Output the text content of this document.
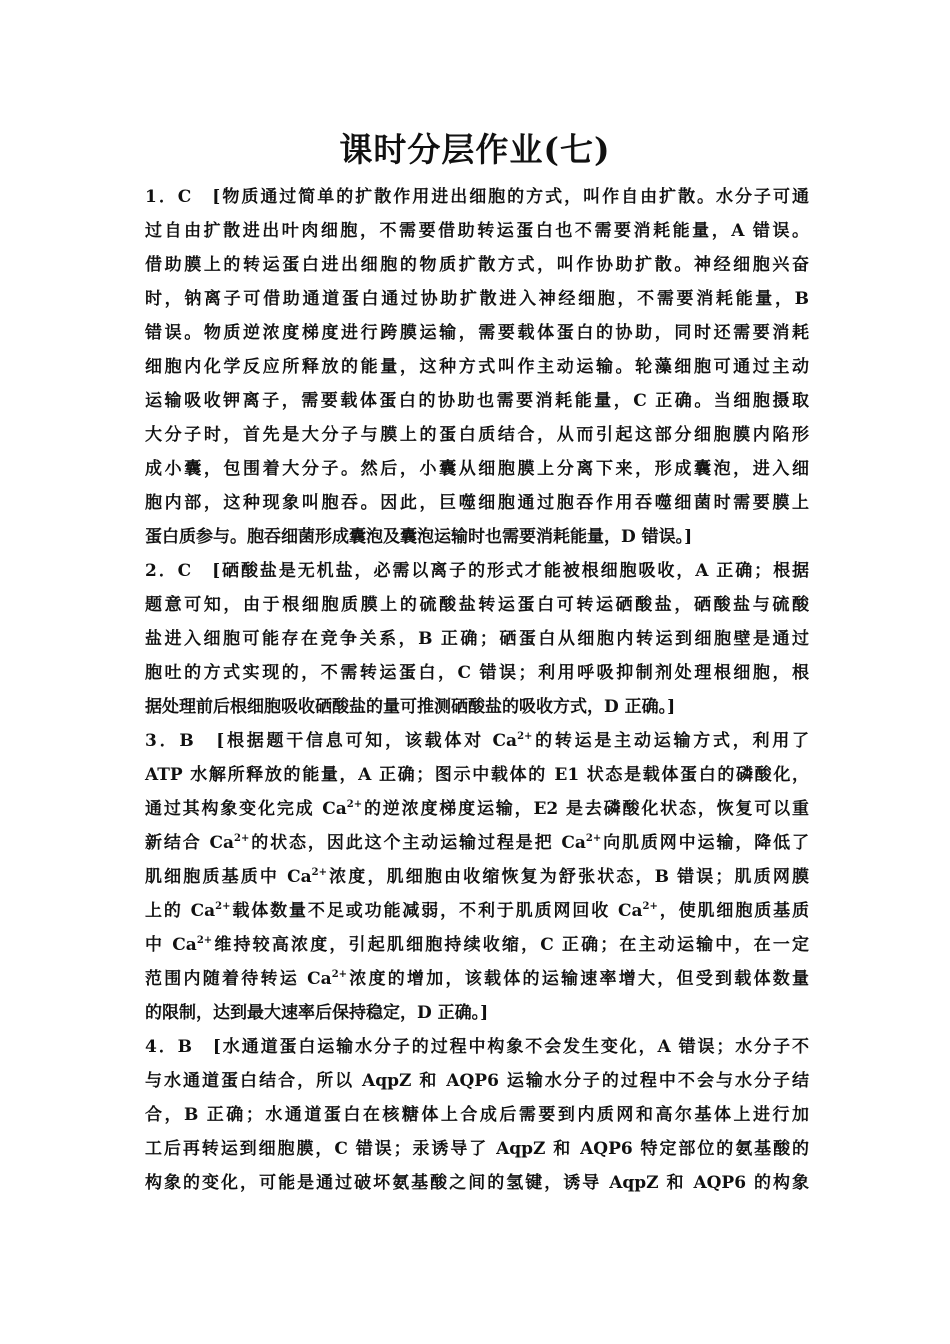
课时分层作业(七)
1．C　[物质通过简单的扩散作用进出细胞的方式，叫作自由扩散。水分子可通
过自由扩散进出叶肉细胞，不需要借助转运蛋白也不需要消耗能量，A 错误。
借助膜上的转运蛋白进出细胞的物质扩散方式，叫作协助扩散。神经细胞兴奋
时，钠离子可借助通道蛋白通过协助扩散进入神经细胞，不需要消耗能量，B
错误。物质逆浓度梯度进行跨膜运输，需要载体蛋白的协助，同时还需要消耗
细胞内化学反应所释放的能量，这种方式叫作主动运输。轮藻细胞可通过主动
运输吸收钾离子，需要载体蛋白的协助也需要消耗能量，C 正确。当细胞摄取
大分子时，首先是大分子与膜上的蛋白质结合，从而引起这部分细胞膜内陷形
成小囊，包围着大分子。然后，小囊从细胞膜上分离下来，形成囊泡，进入细
胞内部，这种现象叫胞吞。因此，巨噬细胞通过胞吞作用吞噬细菌时需要膜上
蛋白质参与。胞吞细菌形成囊泡及囊泡运输时也需要消耗能量，D 错误。]
2．C　[硒酸盐是无机盐，必需以离子的形式才能被根细胞吸收，A 正确；根据
题意可知，由于根细胞质膜上的硫酸盐转运蛋白可转运硒酸盐，硒酸盐与硫酸
盐进入细胞可能存在竞争关系，B 正确；硒蛋白从细胞内转运到细胞壁是通过
胞吐的方式实现的，不需转运蛋白，C 错误；利用呼吸抑制剂处理根细胞，根
据处理前后根细胞吸收硒酸盐的量可推测硒酸盐的吸收方式，D 正确。]
3．B　[根据题干信息可知，该载体对 $Ca^{2+}$的转运是主动运输方式，利用了
ATP 水解所释放的能量，A 正确；图示中载体的 E1 状态是载体蛋白的磷酸化，
通过其构象变化完成 $Ca^{2+}$的逆浓度梯度运输，E2 是去磷酸化状态，恢复可以重
新结合 $Ca^{2+}$的状态，因此这个主动运输过程是把 $Ca^{2+}$向肌质网中运输，降低了
肌细胞质基质中 $Ca^{2+}$浓度，肌细胞由收缩恢复为舒张状态，B 错误；肌质网膜
上的 $Ca^{2+}$载体数量不足或功能减弱，不利于肌质网回收 $Ca^{2+}$，使肌细胞质基质
中 $Ca^{2+}$维持较高浓度，引起肌细胞持续收缩，C 正确；在主动运输中，在一定
范围内随着待转运 $Ca^{2+}$浓度的增加，该载体的运输速率增大，但受到载体数量
的限制，达到最大速率后保持稳定，D 正确。]
4．B　[水通道蛋白运输水分子的过程中构象不会发生变化，A 错误；水分子不
与水通道蛋白结合，所以 AqpZ 和 AQP6 运输水分子的过程中不会与水分子结
合，B 正确；水通道蛋白在核糖体上合成后需要到内质网和高尔基体上进行加
工后再转运到细胞膜，C 错误；汞诱导了 AqpZ 和 AQP6 特定部位的氨基酸的
构象的变化，可能是通过破坏氨基酸之间的氢键，诱导 AqpZ 和 AQP6 的构象
